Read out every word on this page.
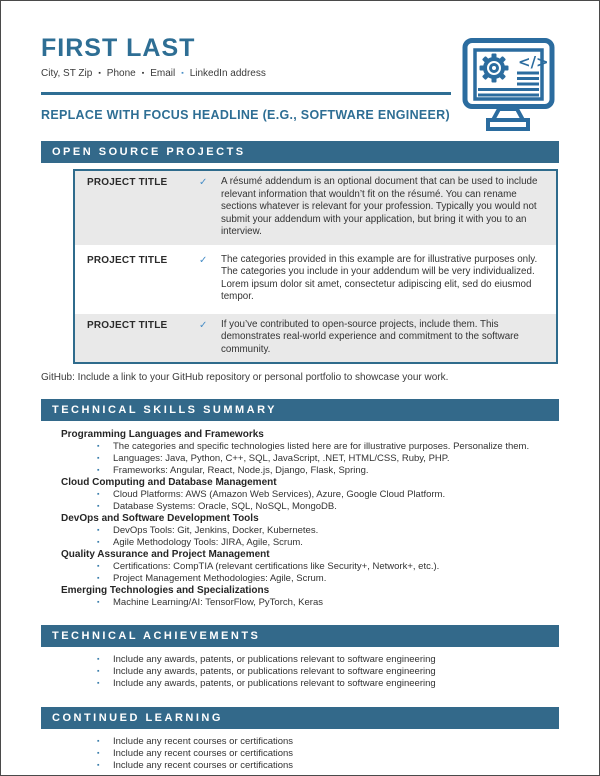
FIRST LAST
City, ST Zip ▪ Phone ▪ Email ▪ LinkedIn address
REPLACE WITH FOCUS HEADLINE (E.G., SOFTWARE ENGINEER)
OPEN SOURCE PROJECTS
PROJECT TITLE	✓	A résumé addendum is an optional document that can be used to include relevant information that wouldn’t fit on the résumé. You can rename sections whatever is relevant for your profession. Typically you would not submit your addendum with your application, but bring it with you to an interview.
PROJECT TITLE	✓	The categories provided in this example are for illustrative purposes only. The categories you include in your addendum will be very individualized. Lorem ipsum dolor sit amet, consectetur adipiscing elit, sed do eiusmod tempor.
PROJECT TITLE	✓	If you’ve contributed to open-source projects, include them. This demonstrates real-world experience and commitment to the software community.
GitHub: Include a link to your GitHub repository or personal portfolio to showcase your work.
TECHNICAL SKILLS SUMMARY
Programming Languages and Frameworks
▪	The categories and specific technologies listed here are for illustrative purposes. Personalize them.
▪	Languages: Java, Python, C++, SQL, JavaScript, .NET, HTML/CSS, Ruby, PHP.
▪	Frameworks: Angular, React, Node.js, Django, Flask, Spring.
Cloud Computing and Database Management
▪	Cloud Platforms: AWS (Amazon Web Services), Azure, Google Cloud Platform.
▪	Database Systems: Oracle, SQL, NoSQL, MongoDB.
DevOps and Software Development Tools
▪	DevOps Tools: Git, Jenkins, Docker, Kubernetes.
▪	Agile Methodology Tools: JIRA, Agile, Scrum.
Quality Assurance and Project Management
▪	Certifications: CompTIA (relevant certifications like Security+, Network+, etc.).
▪	Project Management Methodologies: Agile, Scrum.
Emerging Technologies and Specializations
▪	Machine Learning/AI: TensorFlow, PyTorch, Keras
TECHNICAL ACHIEVEMENTS
▪	Include any awards, patents, or publications relevant to software engineering
▪	Include any awards, patents, or publications relevant to software engineering
▪	Include any awards, patents, or publications relevant to software engineering
CONTINUED LEARNING
▪	Include any recent courses or certifications
▪	Include any recent courses or certifications
▪	Include any recent courses or certifications
</>
